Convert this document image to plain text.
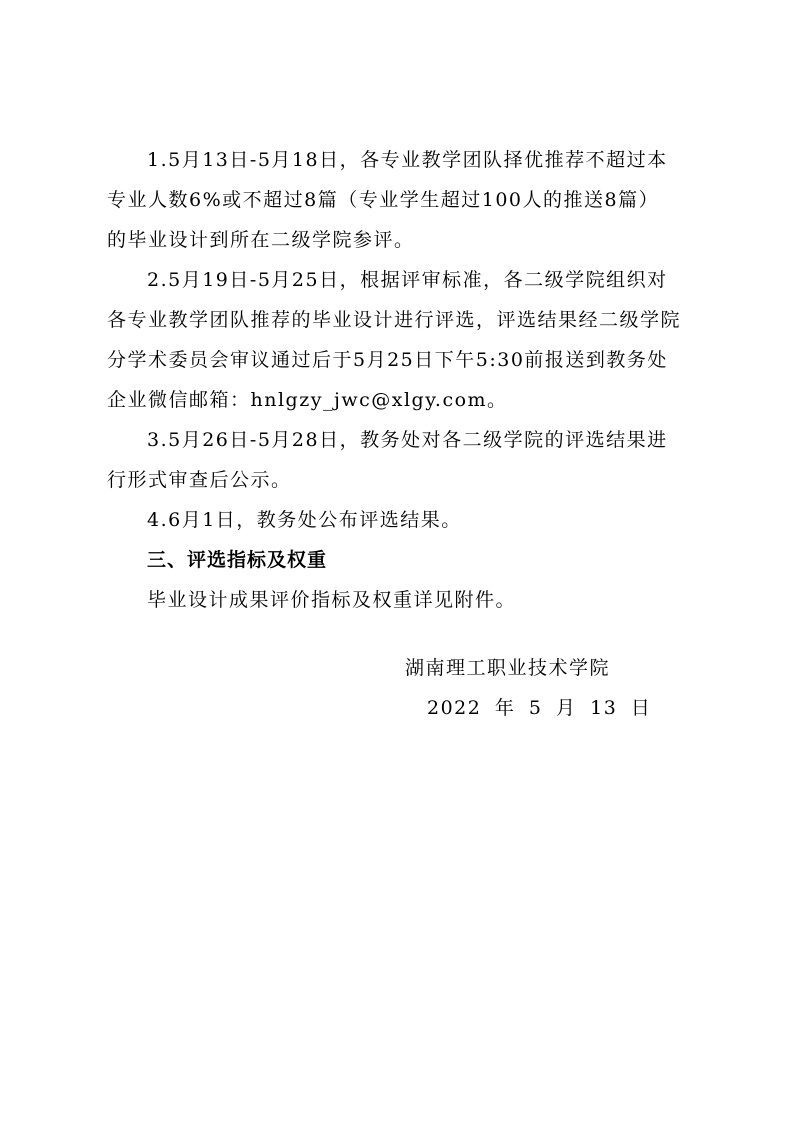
1.5月13日-5月18日，各专业教学团队择优推荐不超过本
专业人数6%或不超过8篇（专业学生超过100人的推送8篇）
的毕业设计到所在二级学院参评。
2.5月19日-5月25日，根据评审标准，各二级学院组织对
各专业教学团队推荐的毕业设计进行评选，评选结果经二级学院
分学术委员会审议通过后于5月25日下午5:30前报送到教务处
企业微信邮箱：hnlgzy_jwc@xlgy.com。
3.5月26日-5月28日，教务处对各二级学院的评选结果进
行形式审查后公示。
4.6月1日，教务处公布评选结果。
三、评选指标及权重
毕业设计成果评价指标及权重详见附件。
湖南理工职业技术学院
2022 年 5 月 13 日
